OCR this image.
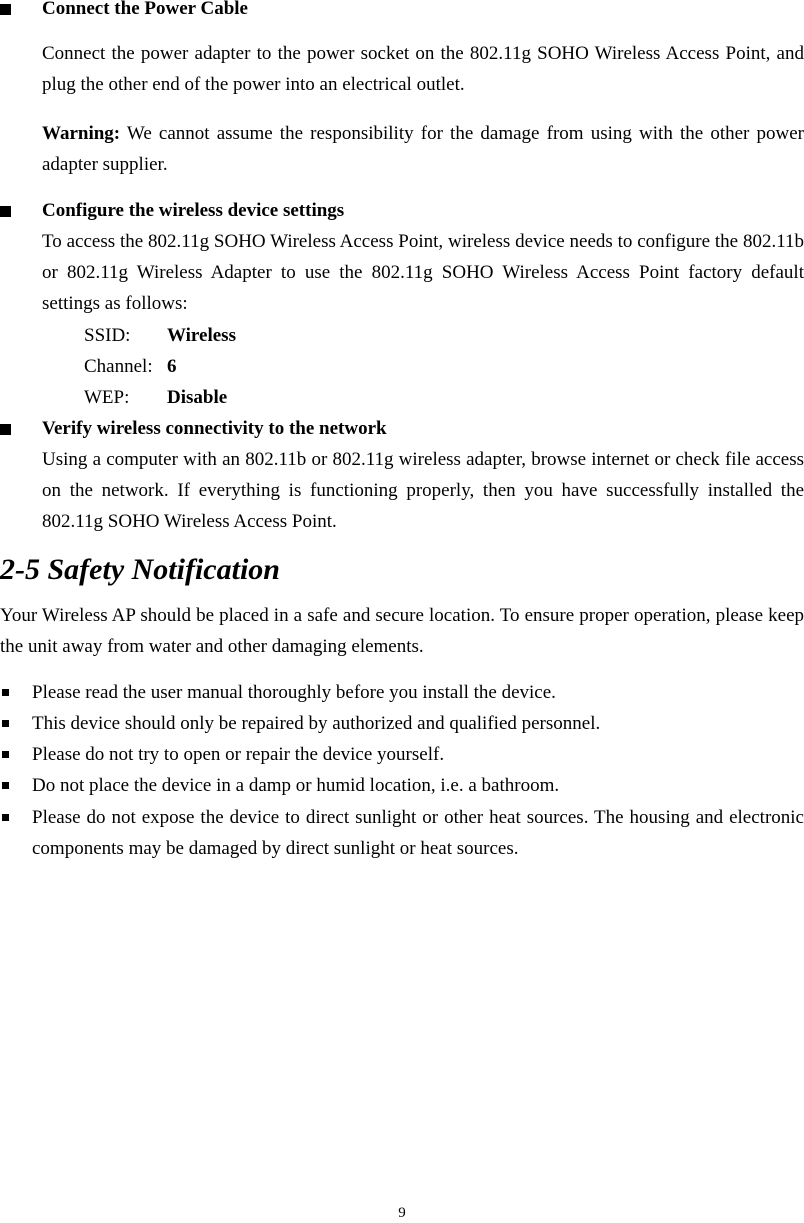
Connect the Power Cable
Connect the power adapter to the power socket on the 802.11g SOHO Wireless Access Point, and plug the other end of the power into an electrical outlet.
Warning: We cannot assume the responsibility for the damage from using with the other power adapter supplier.
Configure the wireless device settings
To access the 802.11g SOHO Wireless Access Point, wireless device needs to configure the 802.11b or 802.11g Wireless Adapter to use the 802.11g SOHO Wireless Access Point factory default settings as follows:
SSID: Wireless
Channel: 6
WEP: Disable
Verify wireless connectivity to the network
Using a computer with an 802.11b or 802.11g wireless adapter, browse internet or check file access on the network. If everything is functioning properly, then you have successfully installed the 802.11g SOHO Wireless Access Point.
2-5 Safety Notification
Your Wireless AP should be placed in a safe and secure location. To ensure proper operation, please keep the unit away from water and other damaging elements.
Please read the user manual thoroughly before you install the device.
This device should only be repaired by authorized and qualified personnel.
Please do not try to open or repair the device yourself.
Do not place the device in a damp or humid location, i.e. a bathroom.
Please do not expose the device to direct sunlight or other heat sources. The housing and electronic components may be damaged by direct sunlight or heat sources.
9
